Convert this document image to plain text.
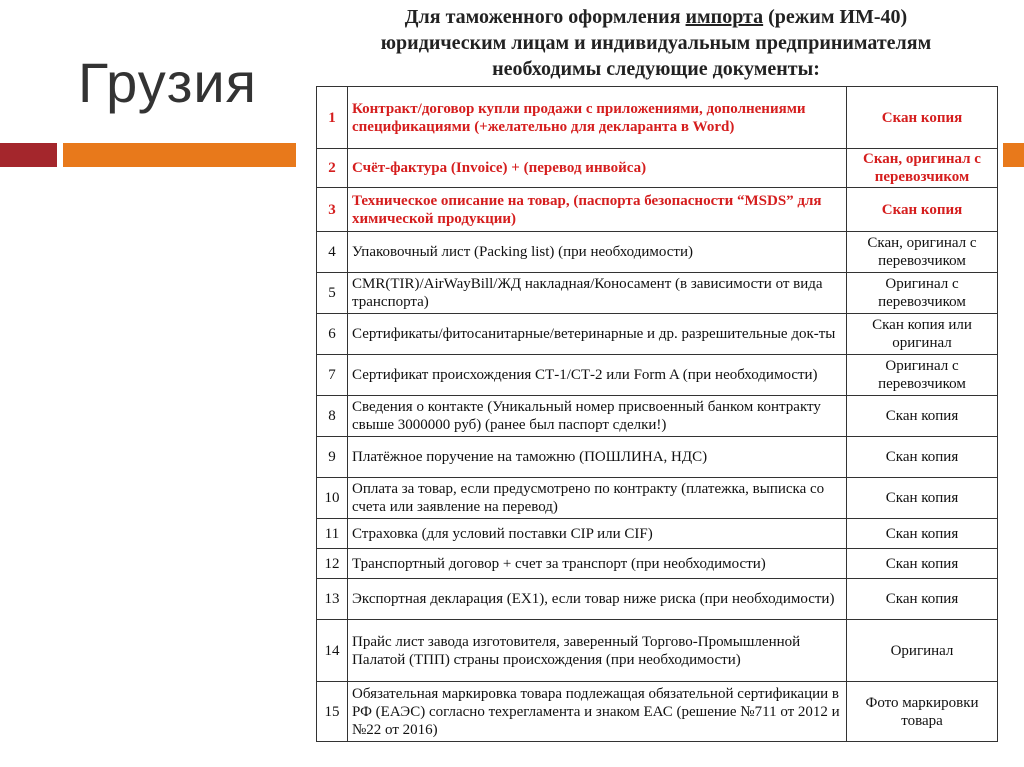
Грузия
Для таможенного оформления импорта (режим ИМ-40)
юридическим лицам и индивидуальным предпринимателям
необходимы следующие документы:
1	Контракт/договор купли продажи с приложениями, дополнениями спецификациями (+желательно для декларанта в Word)	Скан копия
2	Счёт-фактура (Invoice) + (перевод инвойса)	Скан, оригинал с перевозчиком
3	Техническое описание на товар, (паспорта безопасности “MSDS” для химической продукции)	Скан копия
4	Упаковочный лист (Packing list) (при необходимости)	Скан, оригинал с перевозчиком
5	CMR(TIR)/AirWayBill/ЖД накладная/Коносамент (в зависимости от вида транспорта)	Оригинал с перевозчиком
6	Сертификаты/фитосанитарные/ветеринарные и др. разрешительные док-ты	Скан копия или оригинал
7	Сертификат происхождения СТ-1/СТ-2 или Form A (при необходимости)	Оригинал с перевозчиком
8	Сведения о контакте (Уникальный номер присвоенный банком контракту свыше 3000000 руб) (ранее был паспорт сделки!)	Скан копия
9	Платёжное поручение на таможню (ПОШЛИНА, НДС)	Скан копия
10	Оплата за товар, если предусмотрено по контракту (платежка, выписка со счета или заявление на перевод)	Скан копия
11	Страховка (для условий поставки CIP или CIF)	Скан копия
12	Транспортный договор + счет за транспорт (при необходимости)	Скан копия
13	Экспортная декларация (EX1), если товар ниже риска (при необходимости)	Скан копия
14	Прайс лист завода изготовителя, заверенный Торгово-Промышленной Палатой (ТПП) страны происхождения (при необходимости)	Оригинал
15	Обязательная маркировка товара подлежащая обязательной сертификации в РФ (ЕАЭС) согласно техрегламента и знаком ЕАС (решение №711 от 2012 и №22 от 2016)	Фото маркировки товара
